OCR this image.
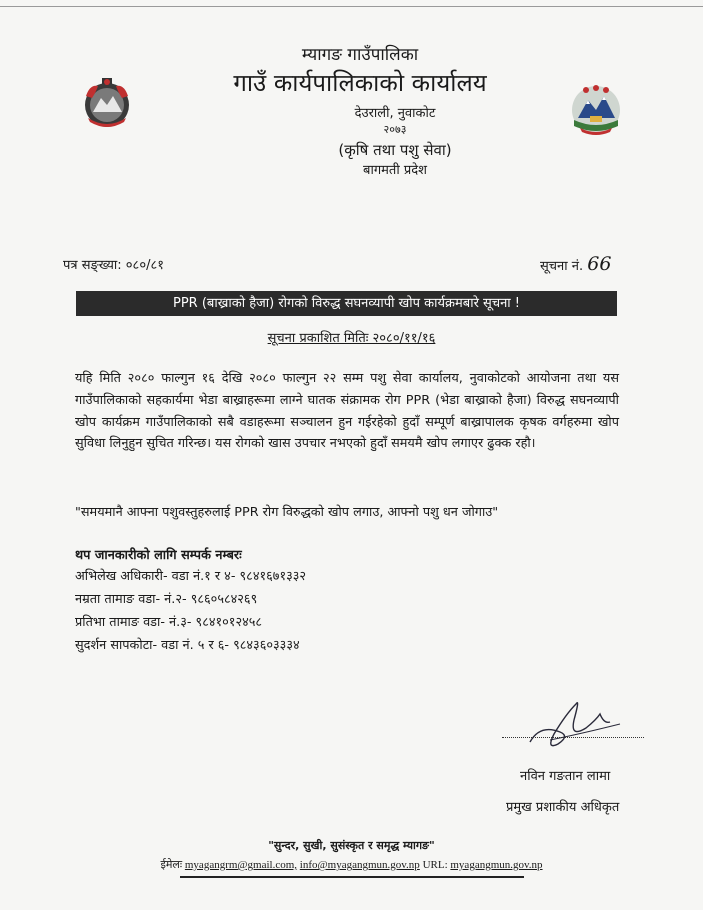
म्यागङ गाउँपालिका
गाउँ कार्यपालिकाको कार्यालय
देउराली, नुवाकोट
२०७३
(कृषि तथा पशु सेवा)
बागमती प्रदेश
पत्र सङ्ख्या: ०८०/८१	सूचना नं. 66
PPR (बाख्राको हैजा) रोगको विरुद्ध सघनव्यापी खोप कार्यक्रमबारे सूचना !
सूचना प्रकाशित मितिः २०८०/११/१६
यहि मिति २०८० फाल्गुन १६ देखि २०८० फाल्गुन २२ सम्म पशु सेवा कार्यालय, नुवाकोटको आयोजना तथा यस गाउँपालिकाको सहकार्यमा भेडा बाख्राहरूमा लाग्ने घातक संक्रामक रोग PPR (भेडा बाख्राको हैजा) विरुद्ध सघनव्यापी खोप कार्यक्रम गाउँपालिकाको सबै वडाहरूमा सञ्चालन हुन गईरहेको हुदाँ सम्पूर्ण बाख्रापालक कृषक वर्गहरुमा खोप सुविधा लिनुहुन सुचित गरिन्छ। यस रोगको खास उपचार नभएको हुदाँ समयमै खोप लगाएर ढुक्क रहौ।
"समयमानै आफ्ना पशुवस्तुहरुलाई PPR रोग विरुद्धको खोप लगाउ, आफ्नो पशु धन जोगाउ"
थप जानकारीको लागि सम्पर्क नम्बरः
अभिलेख अधिकारी- वडा नं.१ र ४- ९८४१६७१३३२
नम्रता तामाङ वडा- नं.२- ९८६०५८४२६९
प्रतिभा तामाङ वडा- नं.३- ९८४१०१२४५८
सुदर्शन सापकोटा- वडा नं. ५ र ६- ९८४३६०३३३४
नविन गङतान लामा
प्रमुख प्रशाकीय अधिकृत
"सुन्दर, सुखी, सुसंस्कृत र समृद्ध म्यागङ"
ईमेलः myagangrm@gmail.com, info@myagangmun.gov.np URL: myagangmun.gov.np
